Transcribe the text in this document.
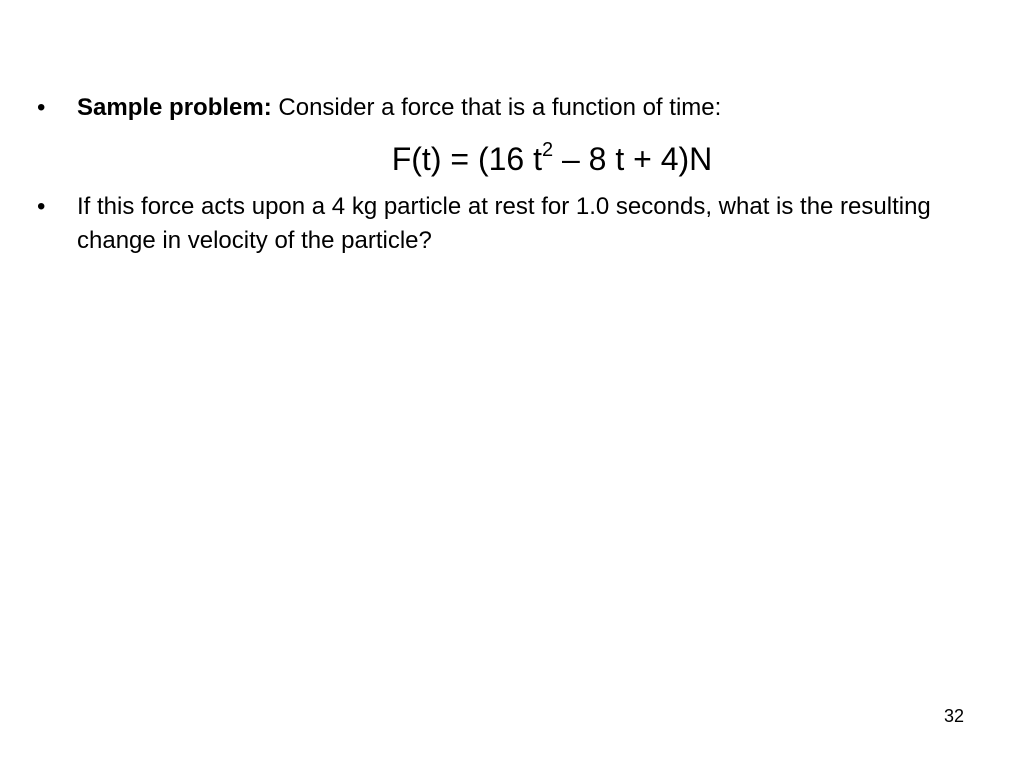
•	Sample problem: Consider a force that is a function of time:
F(t) = (16 $t^2 - 8$ t + 4)N
•	If this force acts upon a 4 kg particle at rest for 1.0 seconds, what is the resulting change in velocity of the particle?
32
